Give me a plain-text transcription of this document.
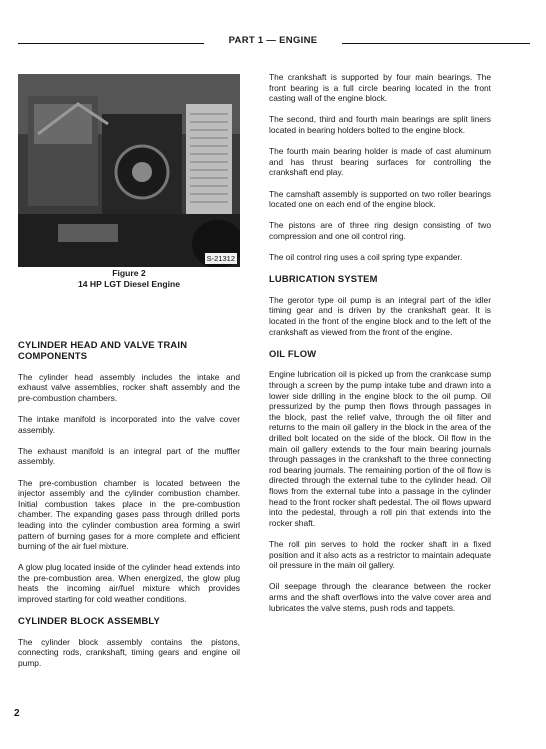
PART 1 — ENGINE
S-21312
Figure 2
14 HP LGT Diesel Engine
CYLINDER HEAD AND VALVE TRAIN COMPONENTS

The cylinder head assembly includes the intake and exhaust valve assemblies, rocker shaft assembly and the pre-combustion chambers.

The intake manifold is incorporated into the valve cover assembly.

The exhaust manifold is an integral part of the muffler assembly.

The pre-combustion chamber is located between the injector assembly and the cylinder combustion chamber. Initial combustion takes place in the pre-combustion chamber. The expanding gases pass through drilled ports leading into the cylinder combustion area forming a swirl pattern of burning gases for a more complete and efficient burning of the air fuel mixture.

A glow plug located inside of the cylinder head extends into the pre-combustion area. When energized, the glow plug heats the incoming air/fuel mixture which provides improved starting for cold weather conditions.

CYLINDER BLOCK ASSEMBLY

The cylinder block assembly contains the pistons, connecting rods, crankshaft, timing gears and engine oil pump.

The crankshaft is supported by four main bearings. The front bearing is a full circle bearing located in the front casting wall of the engine block.

The second, third and fourth main bearings are split liners located in bearing holders bolted to the engine block.

The fourth main bearing holder is made of cast aluminum and has thrust bearing surfaces for controlling the crankshaft end play.

The camshaft assembly is supported on two roller bearings located one on each end of the engine block.

The pistons are of three ring design consisting of two compression and one oil control ring.

The oil control ring uses a coil spring type expander.

LUBRICATION SYSTEM

The gerotor type oil pump is an integral part of the idler timing gear and is driven by the crankshaft gear. It is located in the front of the engine block and to the left of the crankshaft as viewed from the front of the engine.

OIL FLOW

Engine lubrication oil is picked up from the crankcase sump through a screen by the pump intake tube and drawn into a lower side drilling in the engine block to the oil pump. Oil pressurized by the pump then flows through passages in the block, past the relief valve, through the oil filter and returns to the main oil gallery in the block in the area of the drilled bolt located on the side of the block. Oil flow in the main oil gallery extends to the four main bearing journals through passages in the crankshaft to the three connecting rod bearing journals. The remaining portion of the oil flow is directed through the external tube to the cylinder head. Oil flows from the external tube into a passage in the cylinder head to the front rocker shaft pedestal. The oil flows upward into the pedestal, through a roll pin that extends into the rocker shaft.

The roll pin serves to hold the rocker shaft in a fixed position and it also acts as a restrictor to maintain adequate oil pressure in the main oil gallery.

Oil seepage through the clearance between the rocker arms and the shaft overflows into the valve cover area and lubricates the valve stems, push rods and tappets.

2
